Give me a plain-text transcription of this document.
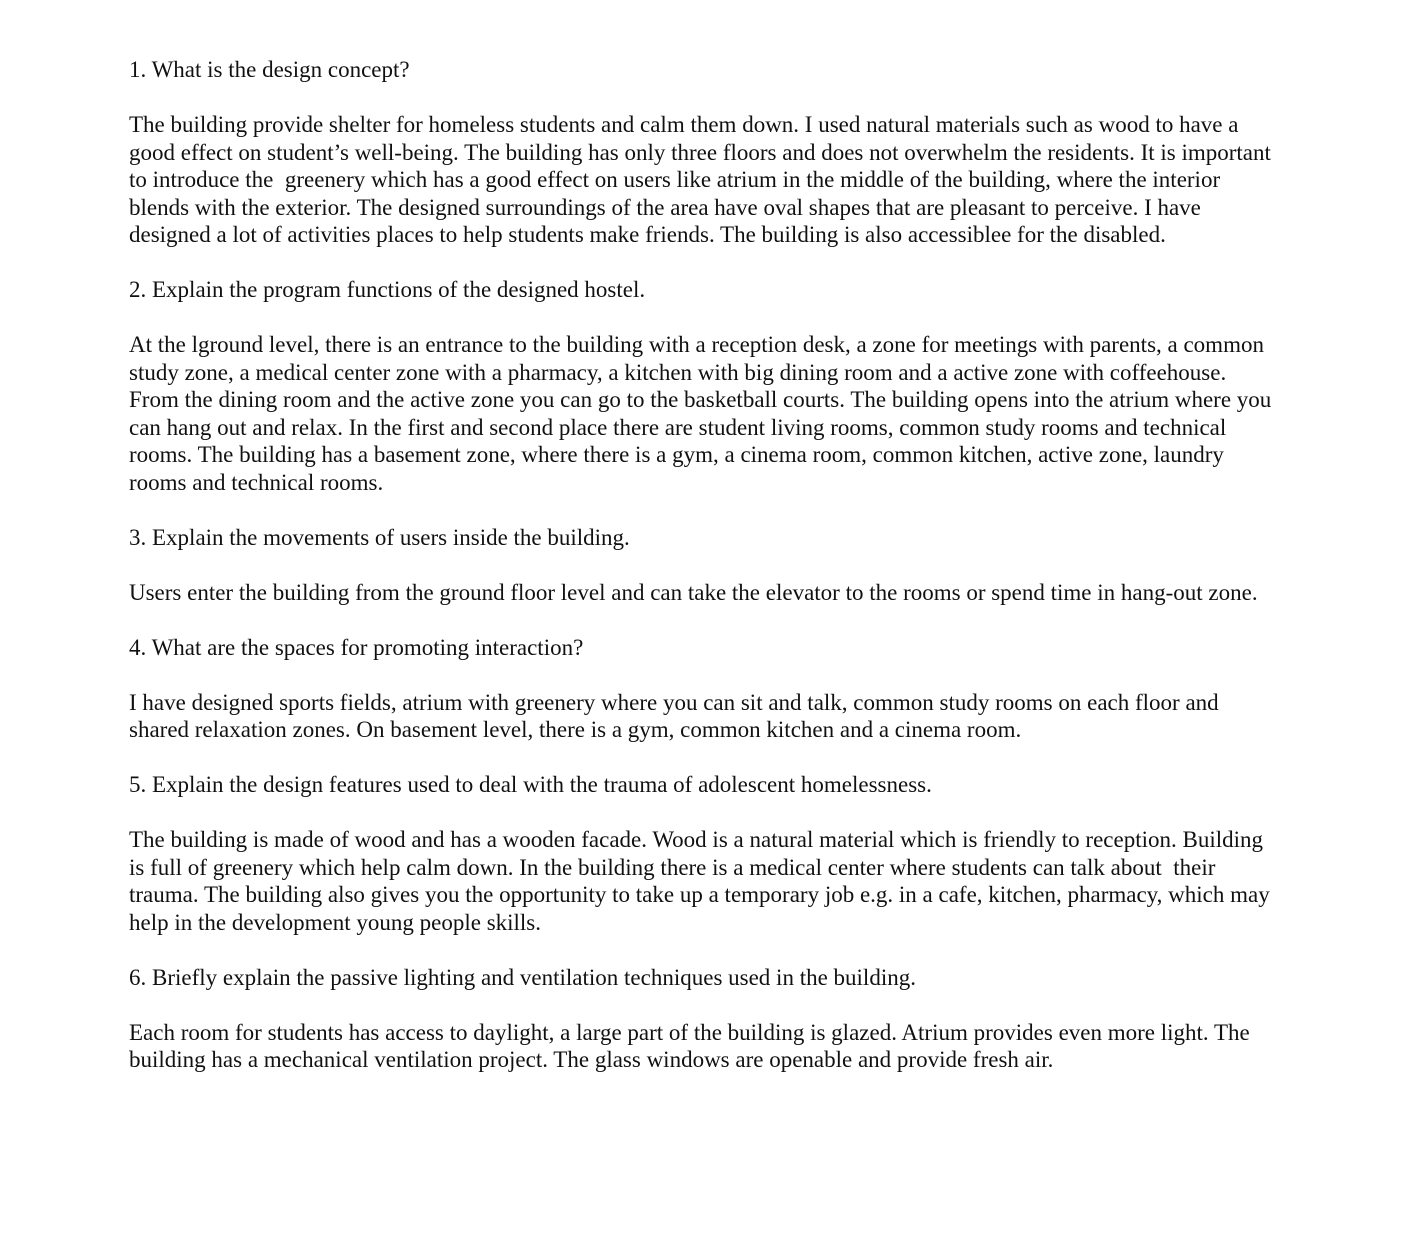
1. What is the design concept?

The building provide shelter for homeless students and calm them down. I used natural materials such as wood to have a good effect on student’s well-being. The building has only three floors and does not overwhelm the residents. It is important to introduce the  greenery which has a good effect on users like atrium in the middle of the building, where the interior blends with the exterior. The designed surroundings of the area have oval shapes that are pleasant to perceive. I have designed a lot of activities places to help students make friends. The building is also accessiblee for the disabled.

2. Explain the program functions of the designed hostel.

At the lground level, there is an entrance to the building with a reception desk, a zone for meetings with parents, a common study zone, a medical center zone with a pharmacy, a kitchen with big dining room and a active zone with coffeehouse. From the dining room and the active zone you can go to the basketball courts. The building opens into the atrium where you can hang out and relax. In the first and second place there are student living rooms, common study rooms and technical rooms. The building has a basement zone, where there is a gym, a cinema room, common kitchen, active zone, laundry rooms and technical rooms.

3. Explain the movements of users inside the building.

Users enter the building from the ground floor level and can take the elevator to the rooms or spend time in hang-out zone.

4. What are the spaces for promoting interaction?

I have designed sports fields, atrium with greenery where you can sit and talk, common study rooms on each floor and shared relaxation zones. On basement level, there is a gym, common kitchen and a cinema room.

5. Explain the design features used to deal with the trauma of adolescent homelessness.

The building is made of wood and has a wooden facade. Wood is a natural material which is friendly to reception. Building is full of greenery which help calm down. In the building there is a medical center where students can talk about  their trauma. The building also gives you the opportunity to take up a temporary job e.g. in a cafe, kitchen, pharmacy, which may help in the development young people skills.

6. Briefly explain the passive lighting and ventilation techniques used in the building.

Each room for students has access to daylight, a large part of the building is glazed. Atrium provides even more light. The building has a mechanical ventilation project. The glass windows are openable and provide fresh air.
